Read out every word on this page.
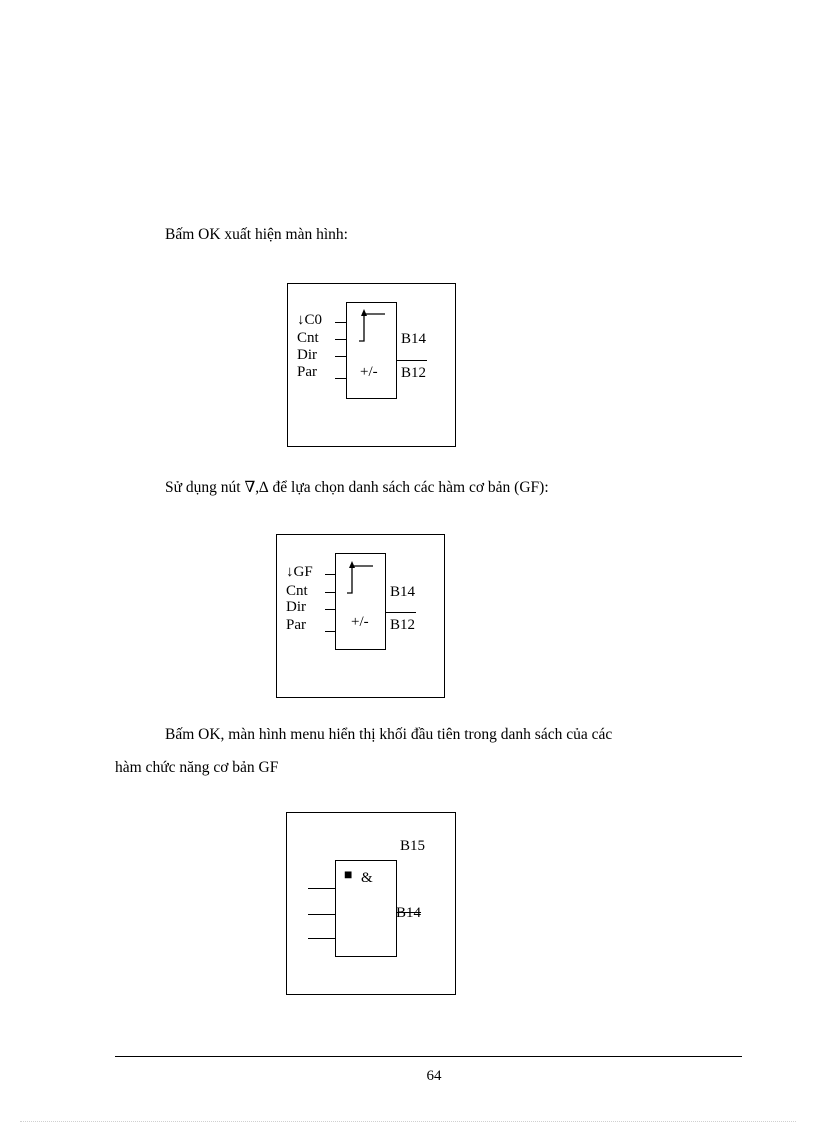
Bấm OK xuất hiện màn hình:

↓C0
Cnt
Dir
Par	+/-
B14
B12

Sử dụng nút ∇,∆ để lựa chọn danh sách các hàm cơ bản (GF):

↓GF
Cnt
Dir
Par	+/-
B14
B12

Bấm OK, màn hình menu hiển thị khối đầu tiên trong danh sách của các

hàm chức năng cơ bản GF

B15
■ &
B14
64
